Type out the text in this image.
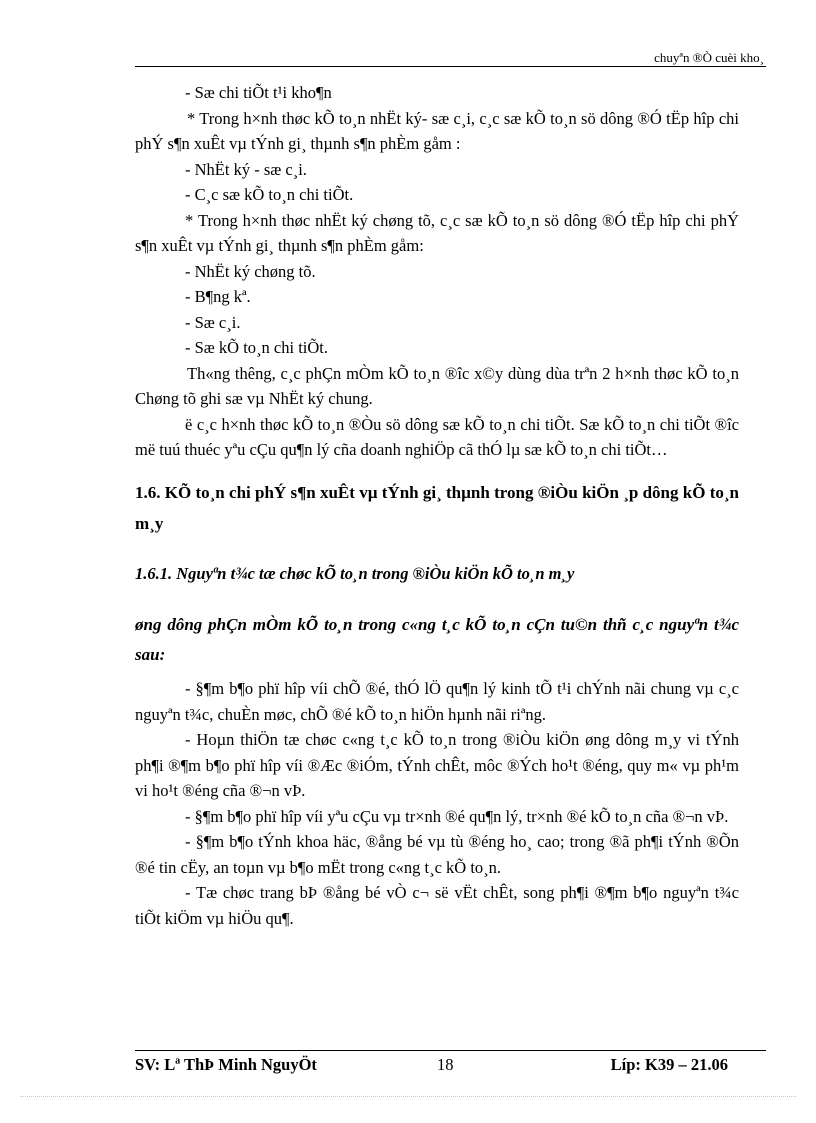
chuyªn ®Ò cuèi kho¸

- Sæ chi tiÕt t¹i kho¶n

* Trong h×nh thøc kÕ to¸n nhËt ký- sæ c¸i, c¸c sæ kÕ to¸n sö dông ®Ó tËp hîp chi phÝ s¶n xuÊt vµ tÝnh gi¸ thµnh s¶n phÈm gåm :

- NhËt ký - sæ c¸i.

- C¸c sæ kÕ to¸n chi tiÕt.

* Trong h×nh thøc nhËt ký chøng tõ, c¸c sæ kÕ to¸n sö dông ®Ó tËp hîp chi phÝ s¶n xuÊt vµ tÝnh gi¸ thµnh s¶n phÈm gåm:

- NhËt ký chøng tõ.

- B¶ng kª.

- Sæ c¸i.

- Sæ kÕ to¸n chi tiÕt.

Th«ng thêng, c¸c phÇn mÒm kÕ to¸n ®îc x©y dùng dùa trªn 2 h×nh thøc kÕ to¸n Chøng tõ ghi sæ vµ NhËt ký chung.

ë c¸c h×nh thøc kÕ to¸n ®Òu sö dông sæ kÕ to¸n chi tiÕt. Sæ kÕ to¸n chi tiÕt ®îc më tuú thuéc yªu cÇu qu¶n lý cña doanh nghiÖp cã thÓ lµ sæ kÕ to¸n chi tiÕt…

1.6. KÕ to¸n chi phÝ s¶n xuÊt vµ tÝnh gi¸ thµnh trong ®iÒu kiÖn ¸p dông kÕ to¸n m¸y

1.6.1. Nguyªn t¾c tæ chøc kÕ to¸n trong ®iÒu kiÖn kÕ to¸n m¸y

øng dông phÇn mÒm kÕ to¸n trong c«ng t¸c kÕ to¸n cÇn tu©n thñ c¸c nguyªn t¾c sau:

- §¶m b¶o phï hîp víi chÕ ®é, thÓ lÖ qu¶n lý kinh tÕ t¹i chÝnh nãi chung vµ c¸c nguyªn t¾c, chuÈn møc, chÕ ®é kÕ to¸n hiÖn hµnh nãi riªng.

- Hoµn thiÖn tæ chøc c«ng t¸c kÕ to¸n trong ®iÒu kiÖn øng dông m¸y vi tÝnh ph¶i ®¶m b¶o phï hîp víi ®Æc ®iÓm, tÝnh chÊt, môc ®Ých ho¹t ®éng, quy m« vµ ph¹m vi ho¹t ®éng cña ®¬n vÞ.

- §¶m b¶o phï hîp víi yªu cÇu vµ tr×nh ®é qu¶n lý, tr×nh ®é kÕ to¸n cña ®¬n vÞ.

- §¶m b¶o tÝnh khoa häc, ®ång bé vµ tù ®éng ho¸ cao; trong ®ã ph¶i tÝnh ®Õn ®é tin cËy, an toµn vµ b¶o mËt trong c«ng t¸c kÕ to¸n.

- Tæ chøc trang bÞ ®ång bé vÒ c¬ së vËt chÊt, song ph¶i ®¶m b¶o nguyªn t¾c tiÕt kiÖm vµ hiÖu qu¶.

SV: Lª ThÞ Minh NguyÖt	18	Líp: K39 – 21.06
